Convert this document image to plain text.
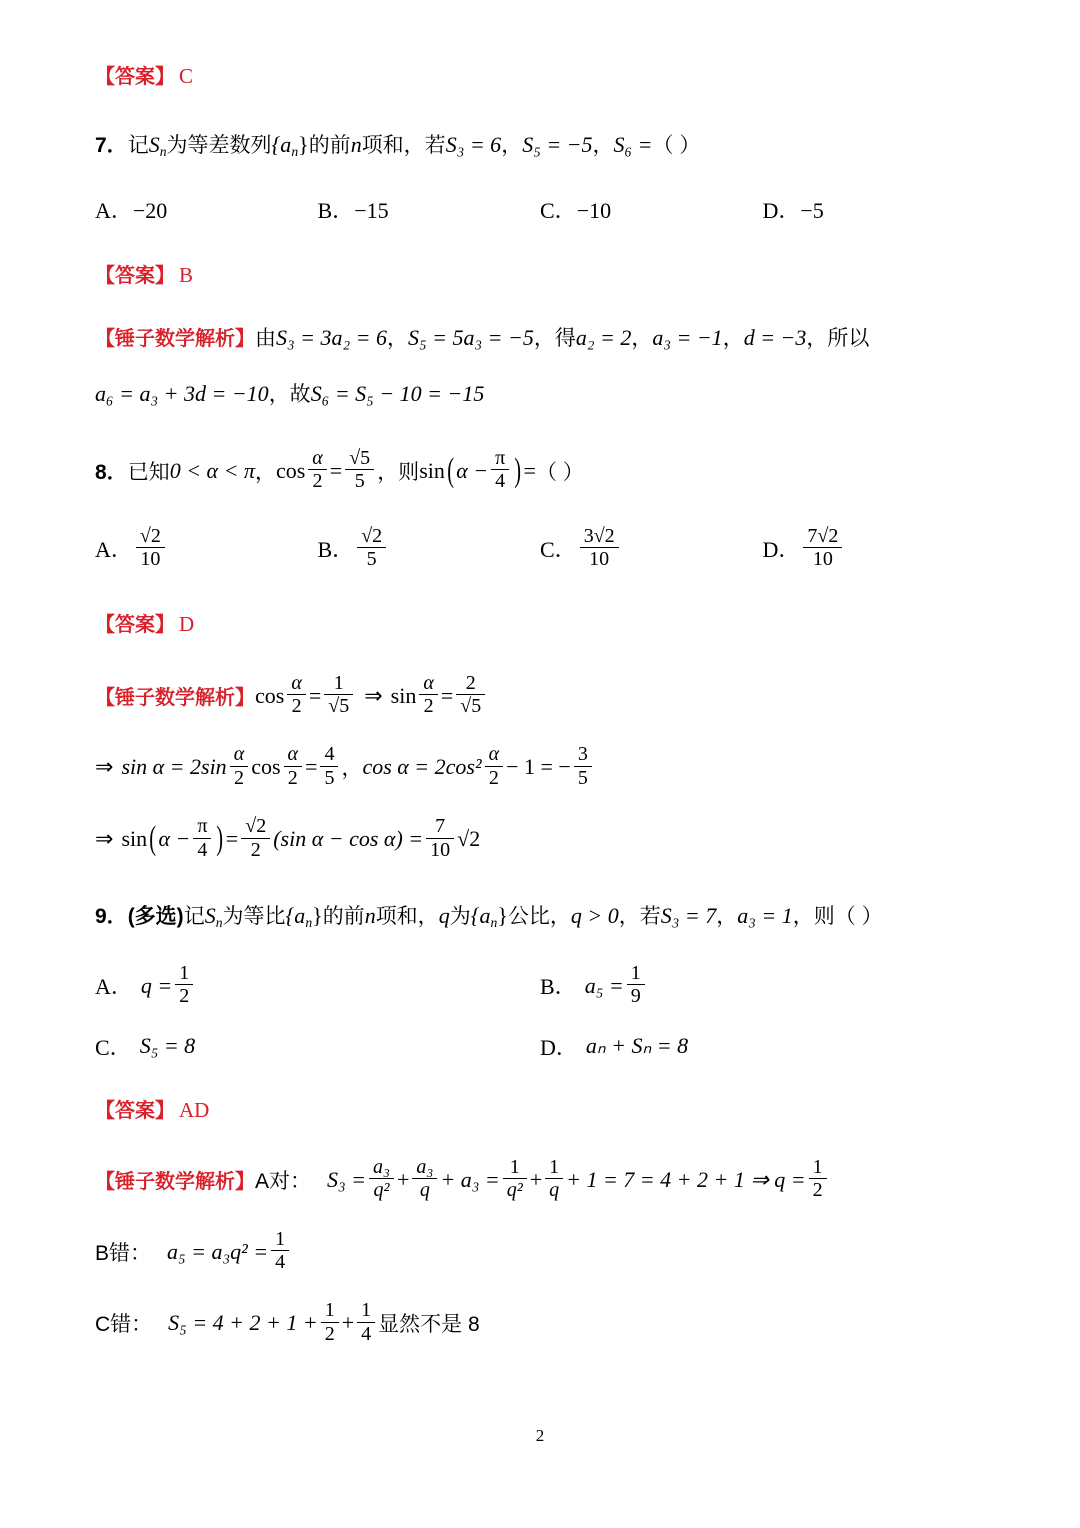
【答案】 C
7．记$S_n$为等差数列$\{a_n\}$的前n项和，若S₃ = 6，S₅ = −5，S₆ =（ ）
A．−20	B．−15	C．−10	D．−5
【答案】 B
【锤子数学解析】由S₃ = 3a₂ = 6，S₅ = 5a₃ = −5，得a₂ = 2，a₃ = −1，d = −3，所以
a₆ = a₃ + 3d = −10，故S₆ = S₅ − 10 = −15
8． 已知 0 < α < π ， $\cos \frac{\alpha}{2} = \frac{√5}{5}$ ，则 sin ( $\alpha - \frac{\pi}{4}$ ) = （ ）
A． $\frac{√2}{10}$	B． $\frac{√2}{5}$	C． $\frac{3√2}{10}$	D． $\frac{7√2}{10}$
【答案】 D
【锤子数学解析】 $\cos \frac{\alpha}{2} = \frac{1}{√5}$ ⇒ $\sin \frac{\alpha}{2} = \frac{2}{√5}$
⇒ $\sin \alpha = 2\sin \frac{\alpha}{2}$ $\cos \frac{\alpha}{2} = \frac{4}{5}$ ， $\cos \alpha = 2\cos^2 \frac{\alpha}{2} - 1$ = − $\frac{3}{5}$
⇒ sin ( $\alpha - \frac{\pi}{4}$ ) = $\frac{√2}{2} (\sin$ $\alpha - \cos \alpha) = \frac{7}{10} √2$
9．(多选)记$S_n$为等比$\{a_n\}$的前n项和，q为$\{a_n\}$公比，q > 0，若S₃ = 7，a₃ = 1，则（ ）
A． $q = \frac{1}{2}$	B． $a_5 = \frac{1}{9}$
C． S₅ = 8	D． aₙ + Sₙ = 8
【答案】 AD
【锤子数学解析】 A对： $S_3 = \frac{\text{a₃}}{\text{q²}} + \frac{\text{a₃}}{q} + a_3 = \frac{1}{\text{q²}} + \frac{1}{q} + 1 = 7 = 4 + 2 + 1$ ⇒ $q = \frac{1}{2}$
B错： $a_5 = a_3q^2 = \frac{1}{4}$
C错： $S_5 = 4 + 2 + 1 + \frac{1}{2} + \frac{1}{4}$ 显然不是 8
2
